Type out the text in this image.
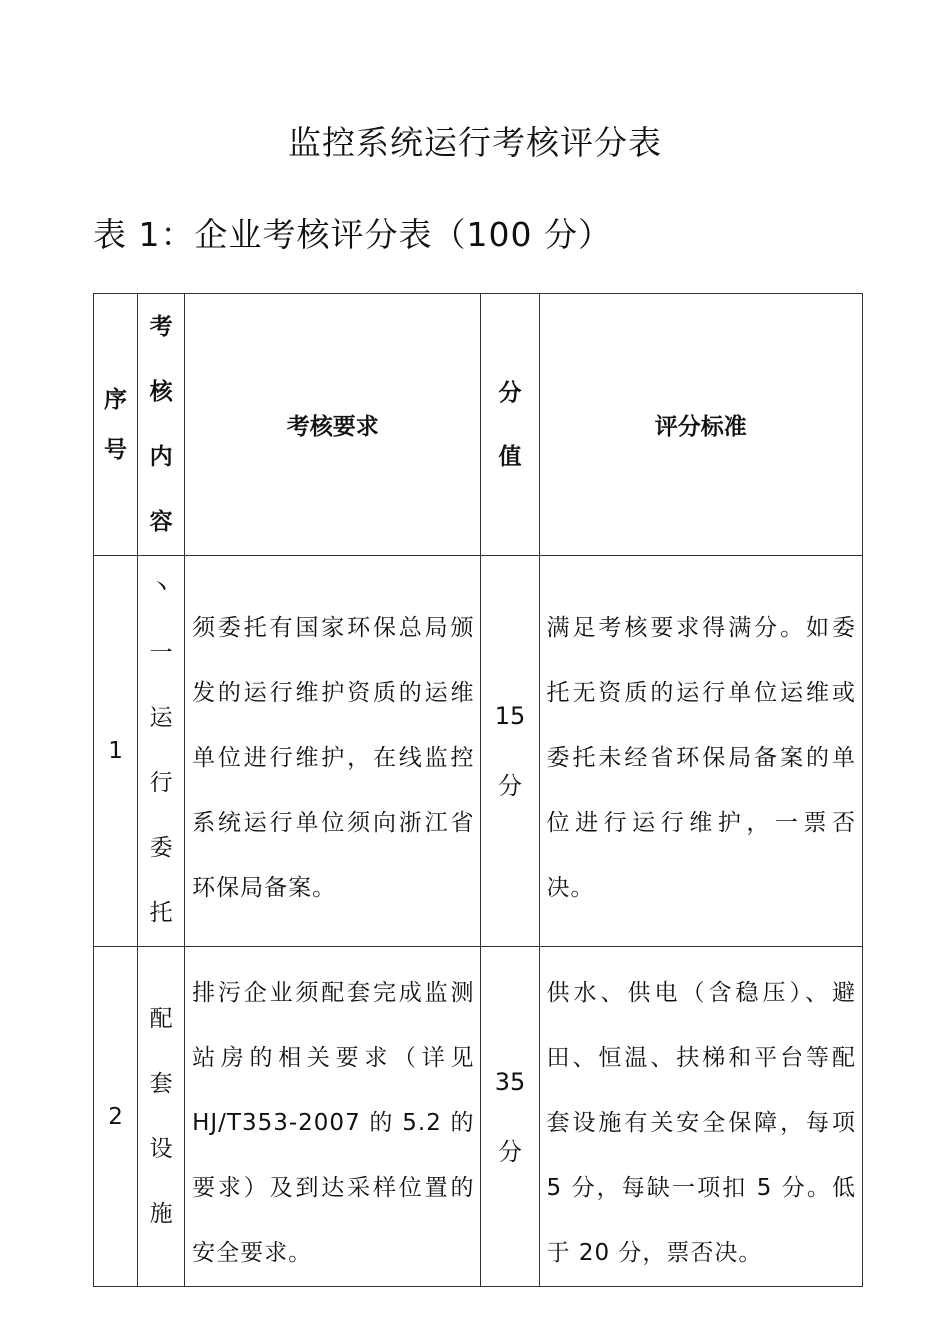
监控系统运行考核评分表
表 1：企业考核评分表（100 分）
序号	考核内容	考核要求	分值	评分标准
1	丶一运行委托	须委托有国家环保总局颁发的运行维护资质的运维单位进行维护，在线监控系统运行单位须向浙江省环保局备案。	15 分	满足考核要求得满分。如委托无资质的运行单位运维或委托未经省环保局备案的单位进行运行维护，一票否决。

2	配套设施	排污企业须配套完成监测站房的相关要求（详见 HJ/T353-2007 的 5.2 的要求）及到达采样位置的安全要求。	35 分	供水、供电（含稳压）、避田、恒温、扶梯和平台等配套设施有关安全保障，每项 5 分，每缺一项扣 5 分。低于 20 分，票否决。
